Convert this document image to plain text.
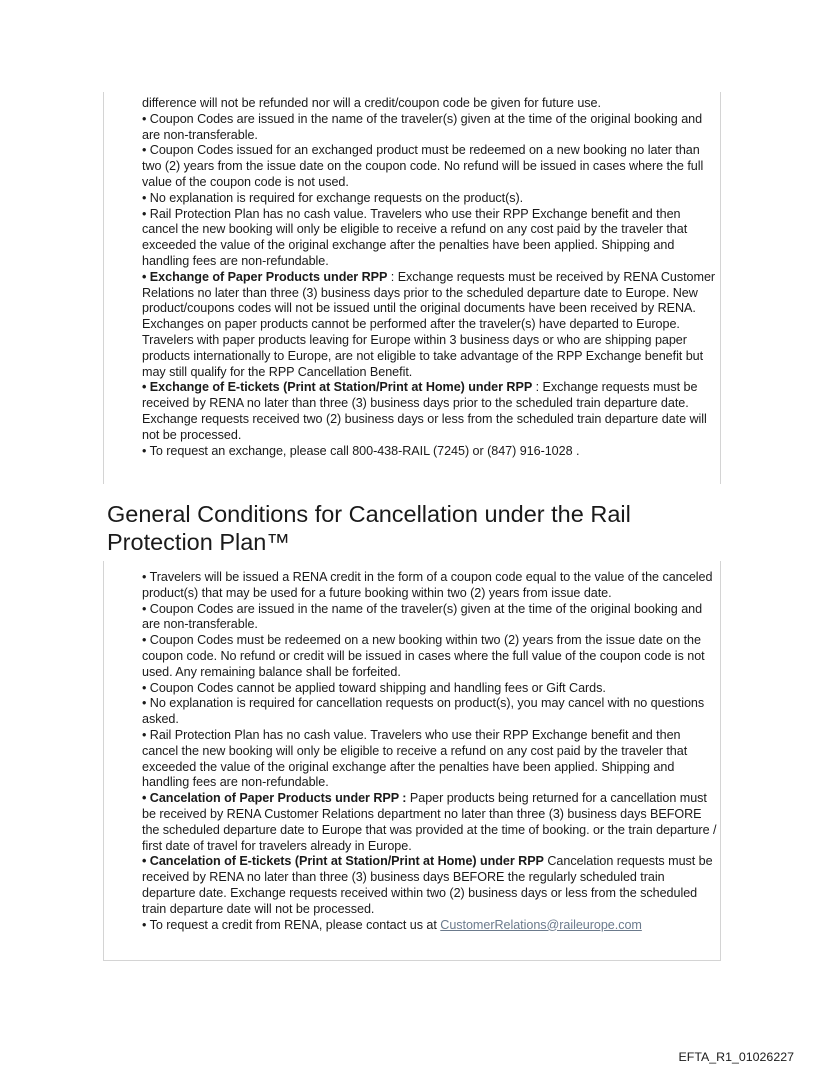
difference will not be refunded nor will a credit/coupon code be given for future use.

• Coupon Codes are issued in the name of the traveler(s) given at the time of the original booking and are non-transferable.

• Coupon Codes issued for an exchanged product must be redeemed on a new booking no later than two (2) years from the issue date on the coupon code. No refund will be issued in cases where the full value of the coupon code is not used.

• No explanation is required for exchange requests on the product(s).

• Rail Protection Plan has no cash value. Travelers who use their RPP Exchange benefit and then cancel the new booking will only be eligible to receive a refund on any cost paid by the traveler that exceeded the value of the original exchange after the penalties have been applied. Shipping and handling fees are non-refundable.

• Exchange of Paper Products under RPP : Exchange requests must be received by RENA Customer Relations no later than three (3) business days prior to the scheduled departure date to Europe. New product/coupons codes will not be issued until the original documents have been received by RENA. Exchanges on paper products cannot be performed after the traveler(s) have departed to Europe. Travelers with paper products leaving for Europe within 3 business days or who are shipping paper products internationally to Europe, are not eligible to take advantage of the RPP Exchange benefit but may still qualify for the RPP Cancellation Benefit.

• Exchange of E-tickets (Print at Station/Print at Home) under RPP : Exchange requests must be received by RENA no later than three (3) business days prior to the scheduled train departure date. Exchange requests received two (2) business days or less from the scheduled train departure date will not be processed.

• To request an exchange, please call 800-438-RAIL (7245) or (847) 916-1028 .

General Conditions for Cancellation under the Rail Protection Plan™

• Travelers will be issued a RENA credit in the form of a coupon code equal to the value of the canceled product(s) that may be used for a future booking within two (2) years from issue date.

• Coupon Codes are issued in the name of the traveler(s) given at the time of the original booking and are non-transferable.

• Coupon Codes must be redeemed on a new booking within two (2) years from the issue date on the coupon code. No refund or credit will be issued in cases where the full value of the coupon code is not used. Any remaining balance shall be forfeited.

• Coupon Codes cannot be applied toward shipping and handling fees or Gift Cards.

• No explanation is required for cancellation requests on product(s), you may cancel with no questions asked.

• Rail Protection Plan has no cash value. Travelers who use their RPP Exchange benefit and then cancel the new booking will only be eligible to receive a refund on any cost paid by the traveler that exceeded the value of the original exchange after the penalties have been applied. Shipping and handling fees are non-refundable.

• Cancelation of Paper Products under RPP : Paper products being returned for a cancellation must be received by RENA Customer Relations department no later than three (3) business days BEFORE the scheduled departure date to Europe that was provided at the time of booking. or the train departure / first date of travel for travelers already in Europe.

• Cancelation of E-tickets (Print at Station/Print at Home) under RPP Cancelation requests must be received by RENA no later than three (3) business days BEFORE the regularly scheduled train departure date. Exchange requests received within two (2) business days or less from the scheduled train departure date will not be processed.

• To request a credit from RENA, please contact us at CustomerRelations@raileurope.com

EFTA_R1_01026227
